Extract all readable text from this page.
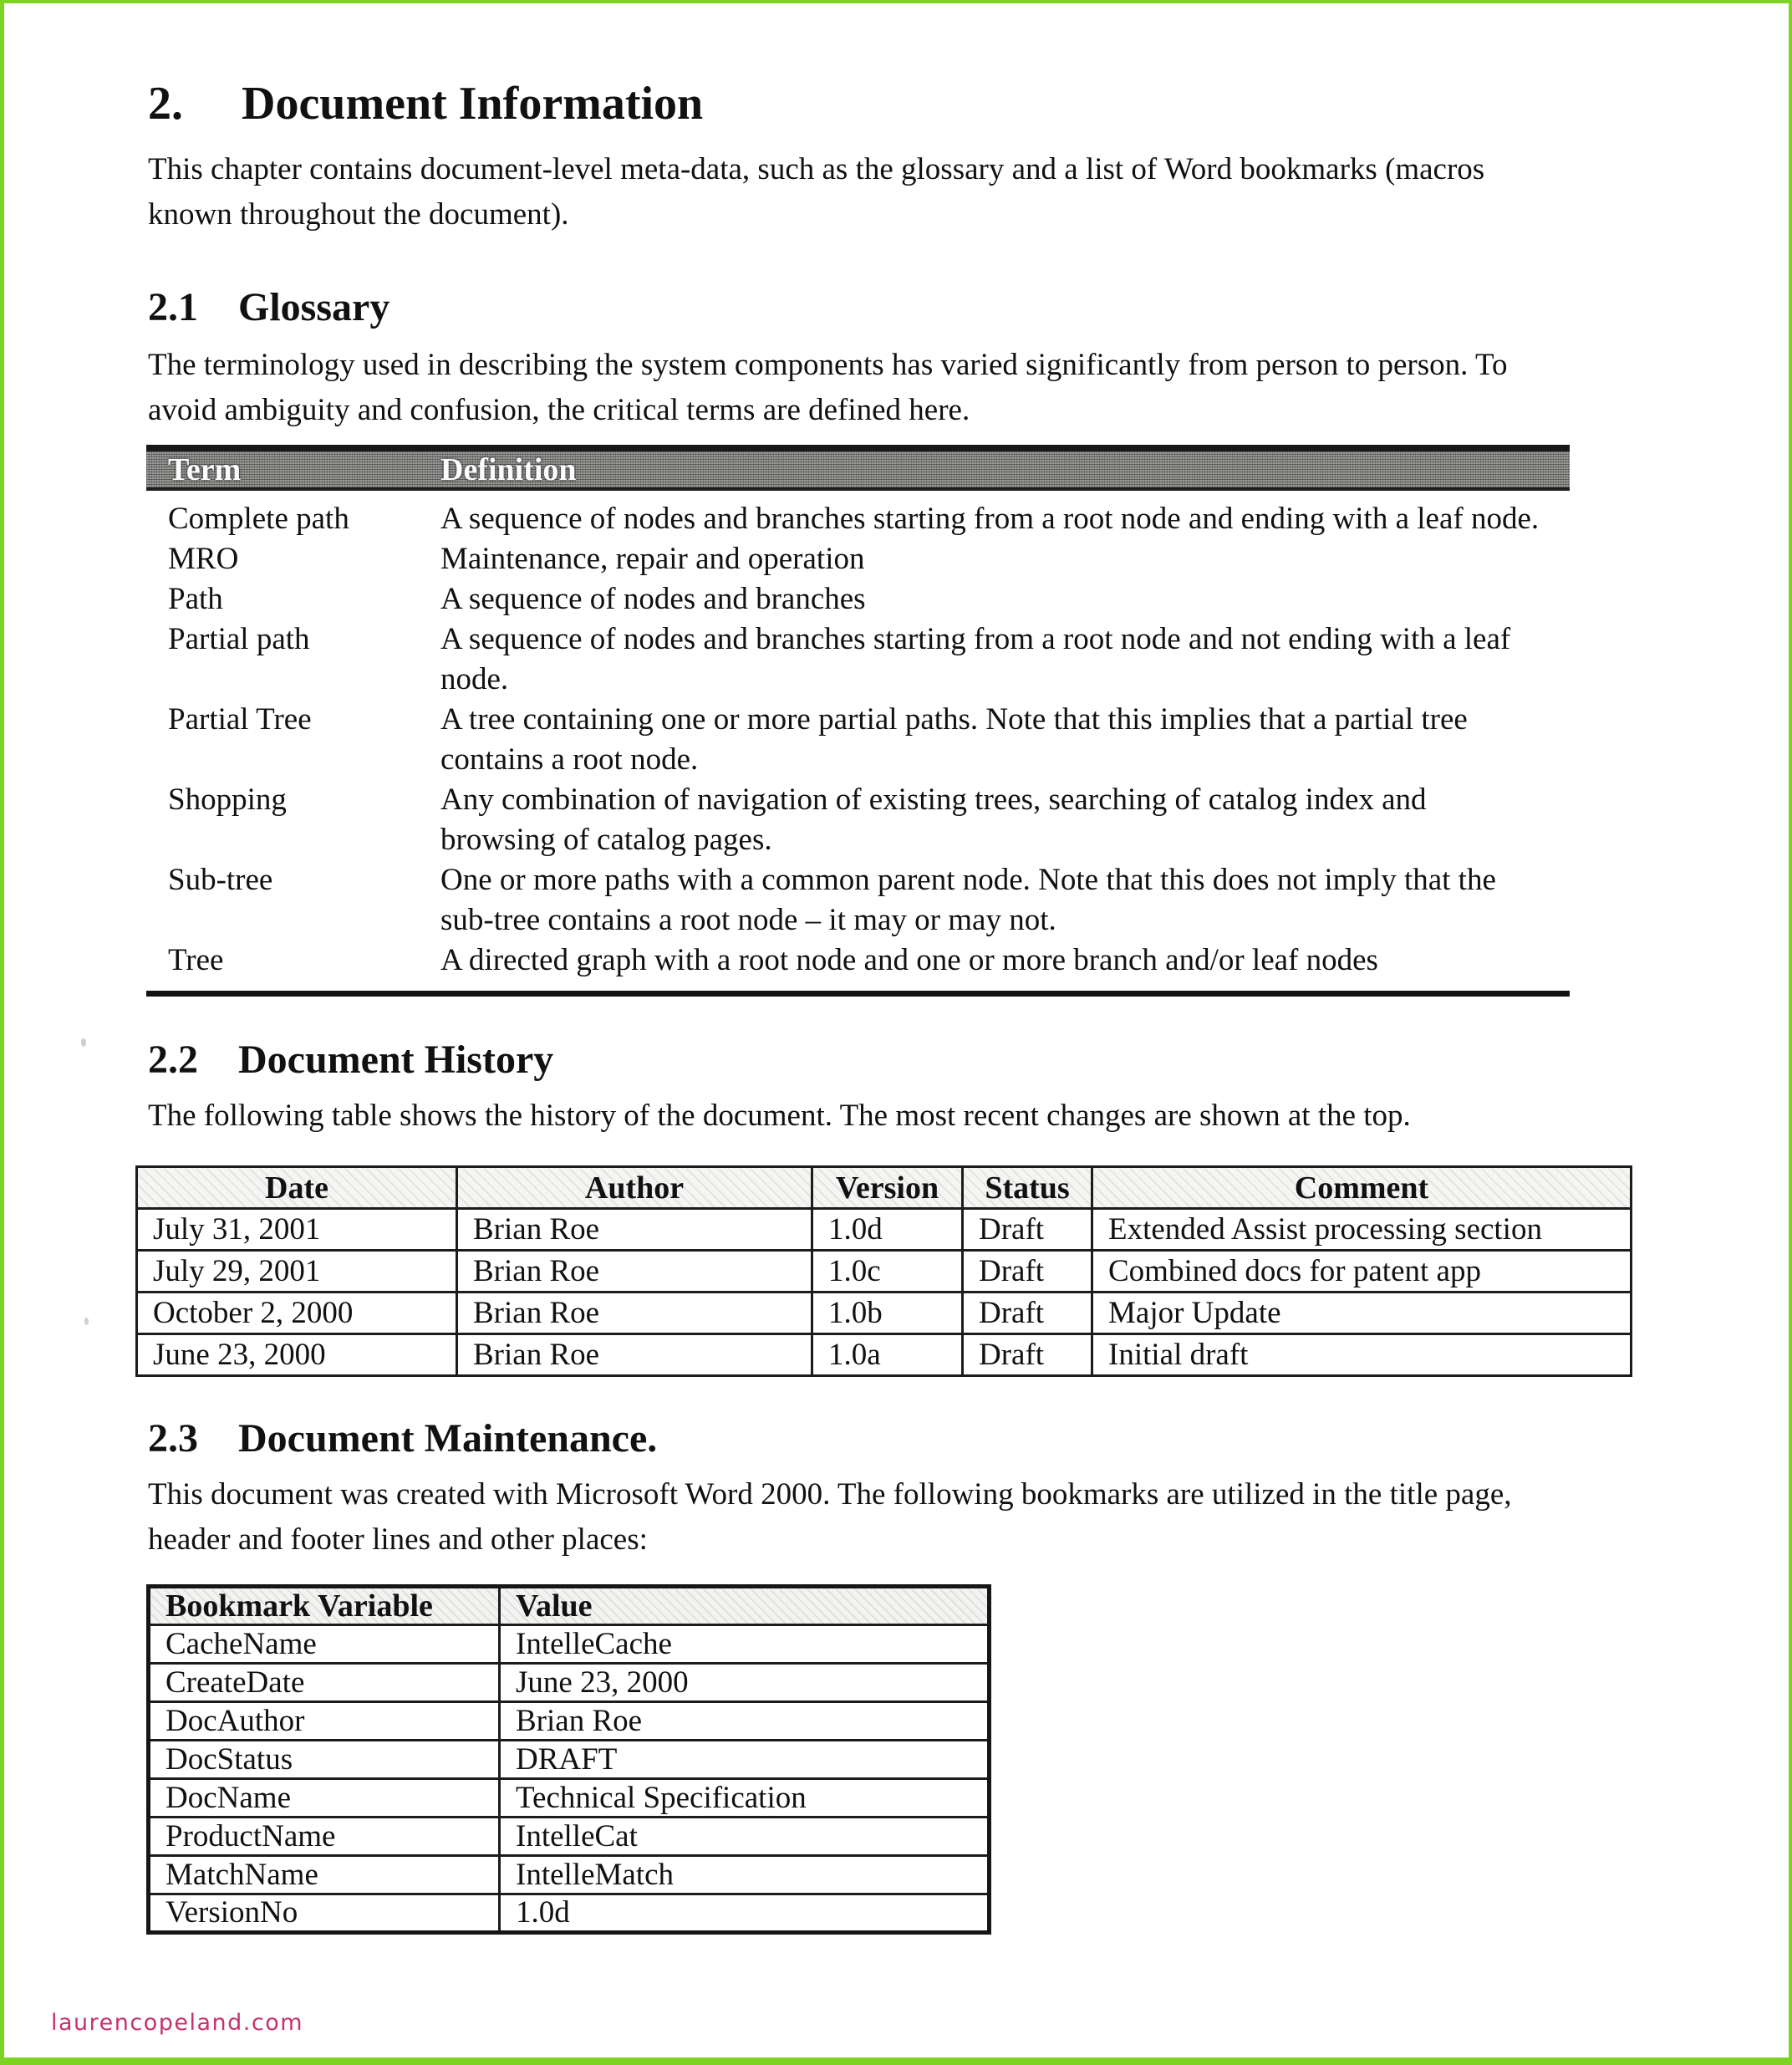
2. Document Information

This chapter contains document-level meta-data, such as the glossary and a list of Word bookmarks (macros known throughout the document).

2.1 Glossary

The terminology used in describing the system components has varied significantly from person to person. To avoid ambiguity and confusion, the critical terms are defined here.

Term	Definition
Complete path	A sequence of nodes and branches starting from a root node and ending with a leaf node.
MRO	Maintenance, repair and operation
Path	A sequence of nodes and branches
Partial path	A sequence of nodes and branches starting from a root node and not ending with a leaf node.
Partial Tree	A tree containing one or more partial paths. Note that this implies that a partial tree contains a root node.
Shopping	Any combination of navigation of existing trees, searching of catalog index and browsing of catalog pages.
Sub-tree	One or more paths with a common parent node. Note that this does not imply that the sub-tree contains a root node – it may or may not.
Tree	A directed graph with a root node and one or more branch and/or leaf nodes
2.2 Document History

The following table shows the history of the document. The most recent changes are shown at the top.

Date	Author	Version	Status	Comment
July 31, 2001	Brian Roe	1.0d	Draft	Extended Assist processing section
July 29, 2001	Brian Roe	1.0c	Draft	Combined docs for patent app
October 2, 2000	Brian Roe	1.0b	Draft	Major Update
June 23, 2000	Brian Roe	1.0a	Draft	Initial draft
2.3 Document Maintenance.

This document was created with Microsoft Word 2000. The following bookmarks are utilized in the title page, header and footer lines and other places:

Bookmark Variable	Value
CacheName	IntelleCache
CreateDate	June 23, 2000
DocAuthor	Brian Roe
DocStatus	DRAFT
DocName	Technical Specification
ProductName	IntelleCat
MatchName	IntelleMatch
VersionNo	1.0d
laurencopeland.com
